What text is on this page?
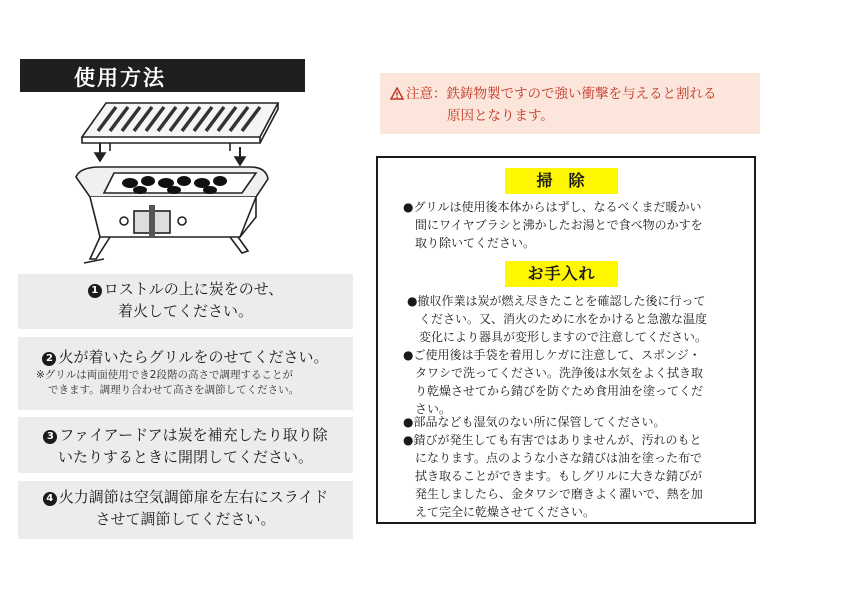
使用方法
1 ロストルの上に炭をのせ、
着火してください。
2 火が着いたらグリルをのせてください。
※グリルは両面使用でき2段階の高さで調理することが
できます。調理り合わせて高さを調節してください。
3 ファイアードアは炭を補充したり取り除
いたりするときに開閉してください。
4 火力調節は空気調節扉を左右にスライド
させて調節してください。
注意：鉄鋳物製ですので強い衝撃を与えると割れる
原因となります。
掃除
●グリルは使用後本体からはずし、なるべくまだ暖かい
間にワイヤブラシと沸かしたお湯とで食べ物のかすを
取り除いてください。
お手入れ
●撤収作業は炭が燃え尽きたことを確認した後に行って
ください。又、消火のために水をかけると急激な温度
変化により器具が変形しますので注意してください。
●ご使用後は手袋を着用しケガに注意して、スポンジ・
タワシで洗ってください。洗浄後は水気をよく拭き取
り乾燥させてから錆びを防ぐため食用油を塗ってくだ
さい。
●部品なども湿気のない所に保管してください。
●錆びが発生しても有害ではありませんが、汚れのもと
になります。点のような小さな錆びは油を塗った布で
拭き取ることができます。もしグリルに大きな錆びが
発生しましたら、金タワシで磨きよく濯いで、熱を加
えて完全に乾燥させてください。
